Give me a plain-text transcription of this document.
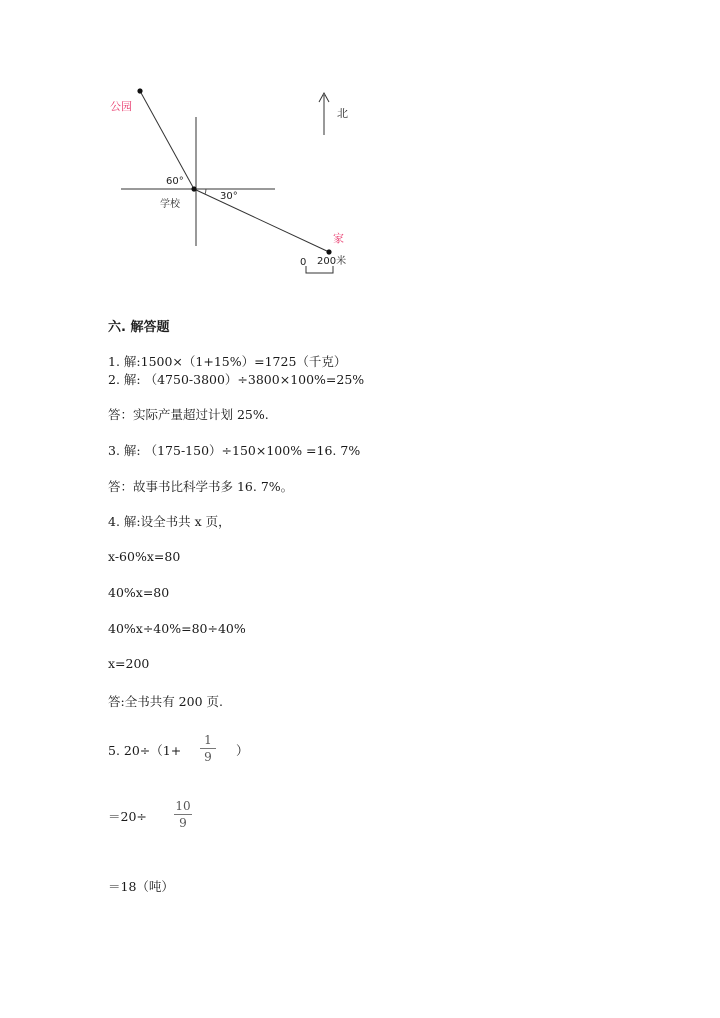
公园
60°
30°
学校
家
北
0 200米
六. 解答题
1. 解:1500×（1+15%）=1725（千克）
2. 解: （4750-3800）÷3800×100%=25%
答：实际产量超过计划 25%.
3. 解: （175-150）÷150×100% =16. 7%
答：故事书比科学书多 16. 7%。
4. 解:设全书共 x 页，
x-60%x=80
40%x=80
40%x÷40%=80÷40%
x=200
答:全书共有 200 页.
5. 20÷（1+
1
9	）
＝20÷
10
9
＝18（吨）
